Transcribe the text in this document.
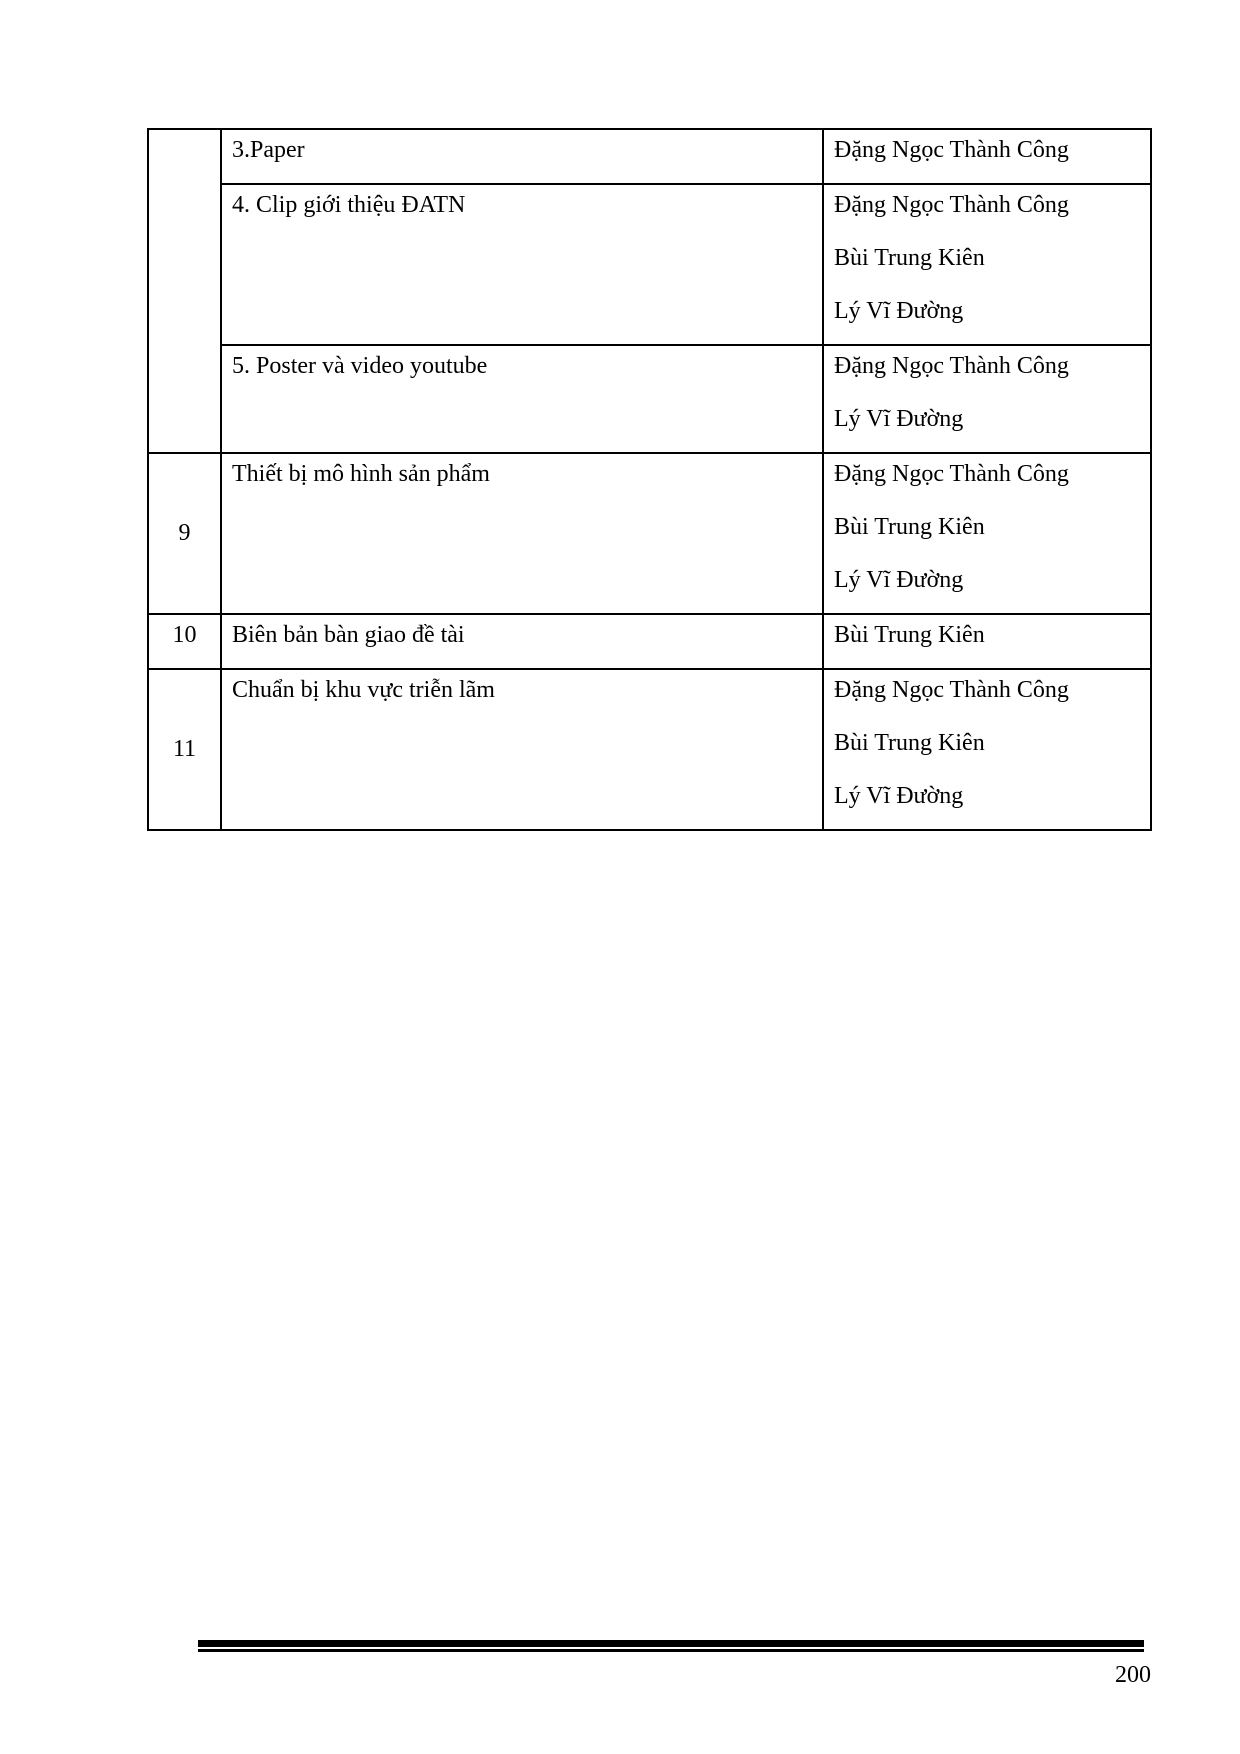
	3.Paper	Đặng Ngọc Thành Công

	4. Clip giới thiệu ĐATN	Đặng Ngọc Thành Công
Bùi Trung Kiên
Lý Vĩ Đường

	5. Poster và video youtube	Đặng Ngọc Thành Công
Lý Vĩ Đường

9	Thiết bị mô hình sản phẩm	Đặng Ngọc Thành Công
Bùi Trung Kiên
Lý Vĩ Đường

10	Biên bản bàn giao đề tài	Bùi Trung Kiên

11	Chuẩn bị khu vực triễn lãm	Đặng Ngọc Thành Công
Bùi Trung Kiên
Lý Vĩ Đường
200
